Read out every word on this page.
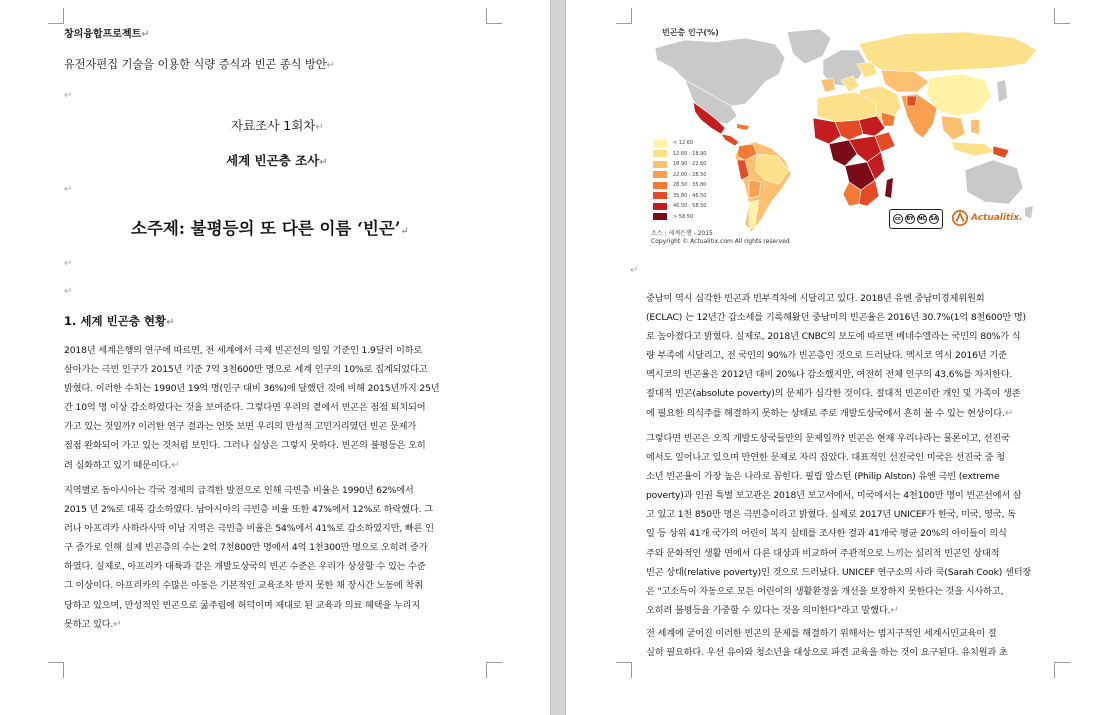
창의융합프로젝트↵
유전자편집 기술을 이용한 식량 증식과 빈곤 종식 방안↵
↵
자료조사 1회차↵
세계 빈곤층 조사↵
↵
소주제: 불평등의 또 다른 이름 ‘빈곤’↵
↵
↵
1. 세계 빈곤층 현황↵
2018년 세계은행의 연구에 따르면, 전 세계에서 극제 빈곤선의 일일 기준인 1.9달러 이하로
살아가는 극빈 인구가 2015년 기준 7억 3천600만 명으로 세계 인구의 10%로 집계되었다고
밝혔다. 이러한 수치는 1990년 19억 명(인구 대비 36%)에 달했던 것에 비해 2015년까지 25년
간 10억 명 이상 감소하였다는 것을 보여준다. 그렇다면 우리의 곁에서 빈곤은 점점 퇴치되어
가고 있는 것일까? 이러한 연구 결과는 언뜻 보면 우리의 만성적 고민거리였던 빈곤 문제가
점점 완화되어 가고 있는 것처럼 보인다. 그러나 실상은 그렇지 못하다. 빈곤의 불평등은 오히
려 심화하고 있기 때문이다.↵
지역별로 동아시아는 각국 경제의 급격한 발전으로 인해 극빈층 비율은 1990년 62%에서
2015 년 2%로 대폭 감소하였다. 남아시아의 극빈층 비율 또한 47%에서 12%로 하락했다. 그
러나 아프리카 사하라사막 이남 지역은 극빈층 비율은 54%에서 41%로 감소하였지만, 빠른 인
구 증가로 인해 실제 빈곤층의 수는 2억 7천800만 명에서 4억 1천300만 명으로 오히려 증가
하였다. 실제로, 아프리카 대륙과 같은 개발도상국의 빈곤 수준은 우리가 상상할 수 있는 수준
그 이상이다. 아프리카의 수많은 아동은 기본적인 교육조차 받지 못한 채 장시간 노동에 착취
당하고 있으며, 만성적인 빈곤으로 굶주림에 허덕이며 제대로 된 교육과 의료 혜택을 누리지
못하고 있다.↵
빈곤층 인구(%)
< 12.60
12.60 : 18.90
18.90 : 22.60
22.60 : 28.50
28.50 : 35.80
35.80 : 46.50
46.50 : 58.50
> 58.50
소스 : 세계은행 - 2015
Copyright © Actualitix.com All rights reserved
cc	BY NC SA	Actualitix.
↵
중남미 역시 심각한 빈곤과 빈부격차에 시달리고 있다. 2018년 유엔 중남미경제위원회
(ECLAC) 는 12년간 감소세를 기록해왔던 중남미의 빈곤율은 2016년 30.7%(1억 8천600만 명)
로 높아졌다고 밝혔다. 실제로, 2018년 CNBC의 보도에 따르면 베네수엘라는 국민의 80%가 식
량 부족에 시달리고, 전 국민의 90%가 빈곤층인 것으로 드러났다. 멕시코 역시 2016년 기준
멕시코의 빈곤율은 2012년 대비 20%나 감소했지만, 여전히 전체 인구의 43.6%를 차지한다.
절대적 빈곤(absolute poverty)의 문제가 심각한 것이다. 절대적 빈곤이란 개인 및 가족이 생존
에 필요한 의식주를 해결하지 못하는 상태로 주로 개발도상국에서 흔히 볼 수 있는 현상이다.↵
그렇다면 빈곤은 오직 개발도상국들만의 문제일까? 빈곤은 현재 우리나라는 물론이고, 선진국
에서도 일어나고 있으며 만연한 문제로 자리 잡았다. 대표적인 선진국인 미국은 선진국 중 청
소년 빈곤율이 가장 높은 나라로 꼽힌다. 필립 알스턴 (Philip Alston) 유엔 극빈 (extreme
poverty)과 인권 특별 보고관은 2018년 보고서에서, 미국에서는 4천100만 명이 빈곤선에서 살
고 있고 1천 850만 명은 극빈층이라고 밝혔다. 실제로 2017년 UNICEF가 한국, 미국, 영국, 독
일 등 상위 41개 국가의 어린이 복지 실태를 조사한 결과 41개국 평균 20%의 아이들이 의식
주와 문화적인 생활 면에서 다른 대상과 비교하여 주관적으로 느끼는 심리적 빈곤인 상대적
빈곤 상태(relative poverty)인 것으로 드러났다. UNICEF 연구소의 사라 쿡(Sarah Cook) 센터장
은 "고소득이 자동으로 모든 어린이의 생활환경을 개선을 보장하지 못한다는 것을 시사하고,
오히려 불평등을 가중할 수 있다는 것을 의미한다"라고 말했다.↵
전 세계에 굳어진 이러한 빈곤의 문제를 해결하기 위해서는 범지구적인 세계시민교육이 절
실히 필요하다. 우선 유아와 청소년을 대상으로 파견 교육을 하는 것이 요구된다. 유치원과 초
